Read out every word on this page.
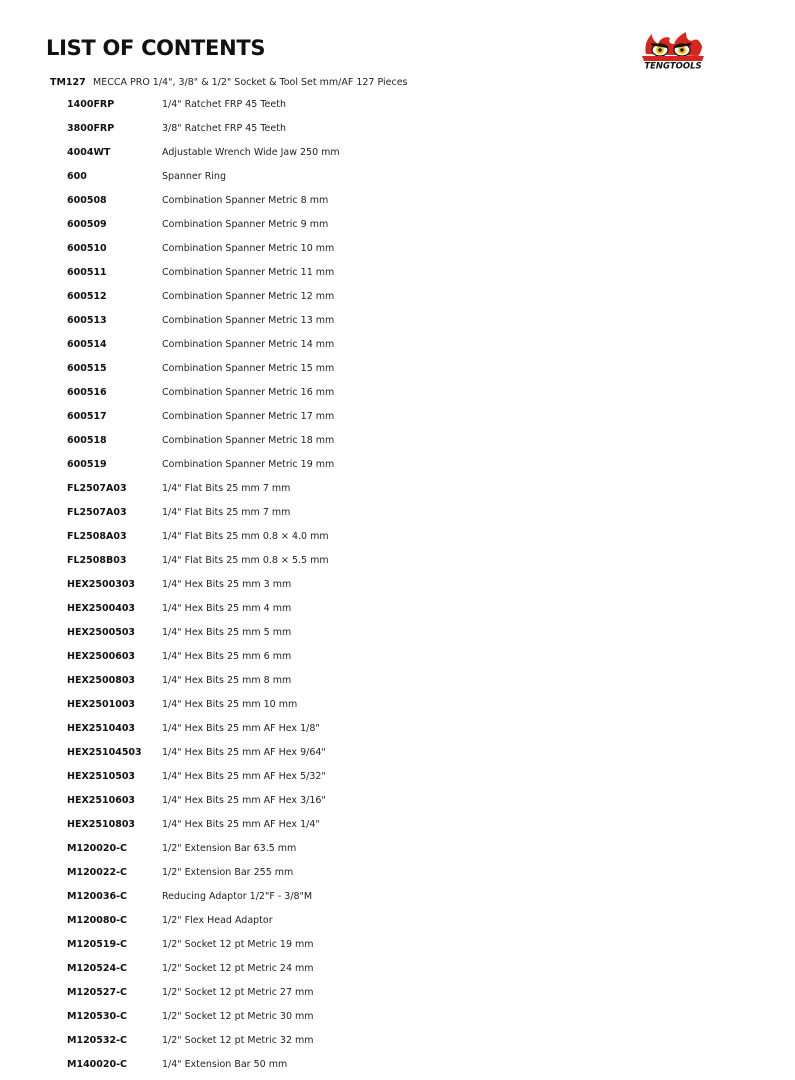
LIST OF CONTENTS
TENGTOOLS
TM127 MECCA PRO 1/4", 3/8" & 1/2" Socket & Tool Set mm/AF 127 Pieces
1400FRP	1/4" Ratchet FRP 45 Teeth
3800FRP	3/8" Ratchet FRP 45 Teeth
4004WT	Adjustable Wrench Wide Jaw 250 mm
600	Spanner Ring
600508	Combination Spanner Metric 8 mm
600509	Combination Spanner Metric 9 mm
600510	Combination Spanner Metric 10 mm
600511	Combination Spanner Metric 11 mm
600512	Combination Spanner Metric 12 mm
600513	Combination Spanner Metric 13 mm
600514	Combination Spanner Metric 14 mm
600515	Combination Spanner Metric 15 mm
600516	Combination Spanner Metric 16 mm
600517	Combination Spanner Metric 17 mm
600518	Combination Spanner Metric 18 mm
600519	Combination Spanner Metric 19 mm
FL2507A03	1/4" Flat Bits 25 mm 7 mm
FL2507A03	1/4" Flat Bits 25 mm 7 mm
FL2508A03	1/4" Flat Bits 25 mm 0.8 × 4.0 mm
FL2508B03	1/4" Flat Bits 25 mm 0.8 × 5.5 mm
HEX2500303	1/4" Hex Bits 25 mm 3 mm
HEX2500403	1/4" Hex Bits 25 mm 4 mm
HEX2500503	1/4" Hex Bits 25 mm 5 mm
HEX2500603	1/4" Hex Bits 25 mm 6 mm
HEX2500803	1/4" Hex Bits 25 mm 8 mm
HEX2501003	1/4" Hex Bits 25 mm 10 mm
HEX2510403	1/4" Hex Bits 25 mm AF Hex 1/8"
HEX25104503 1/4" Hex Bits 25 mm AF Hex 9/64"
HEX2510503	1/4" Hex Bits 25 mm AF Hex 5/32"
HEX2510603	1/4" Hex Bits 25 mm AF Hex 3/16"
HEX2510803	1/4" Hex Bits 25 mm AF Hex 1/4"
M120020-C	1/2" Extension Bar 63.5 mm
M120022-C	1/2" Extension Bar 255 mm
M120036-C	Reducing Adaptor 1/2"F - 3/8"M
M120080-C	1/2" Flex Head Adaptor
M120519-C	1/2" Socket 12 pt Metric 19 mm
M120524-C	1/2" Socket 12 pt Metric 24 mm
M120527-C	1/2" Socket 12 pt Metric 27 mm
M120530-C	1/2" Socket 12 pt Metric 30 mm
M120532-C	1/2" Socket 12 pt Metric 32 mm
M140020-C	1/4" Extension Bar 50 mm
